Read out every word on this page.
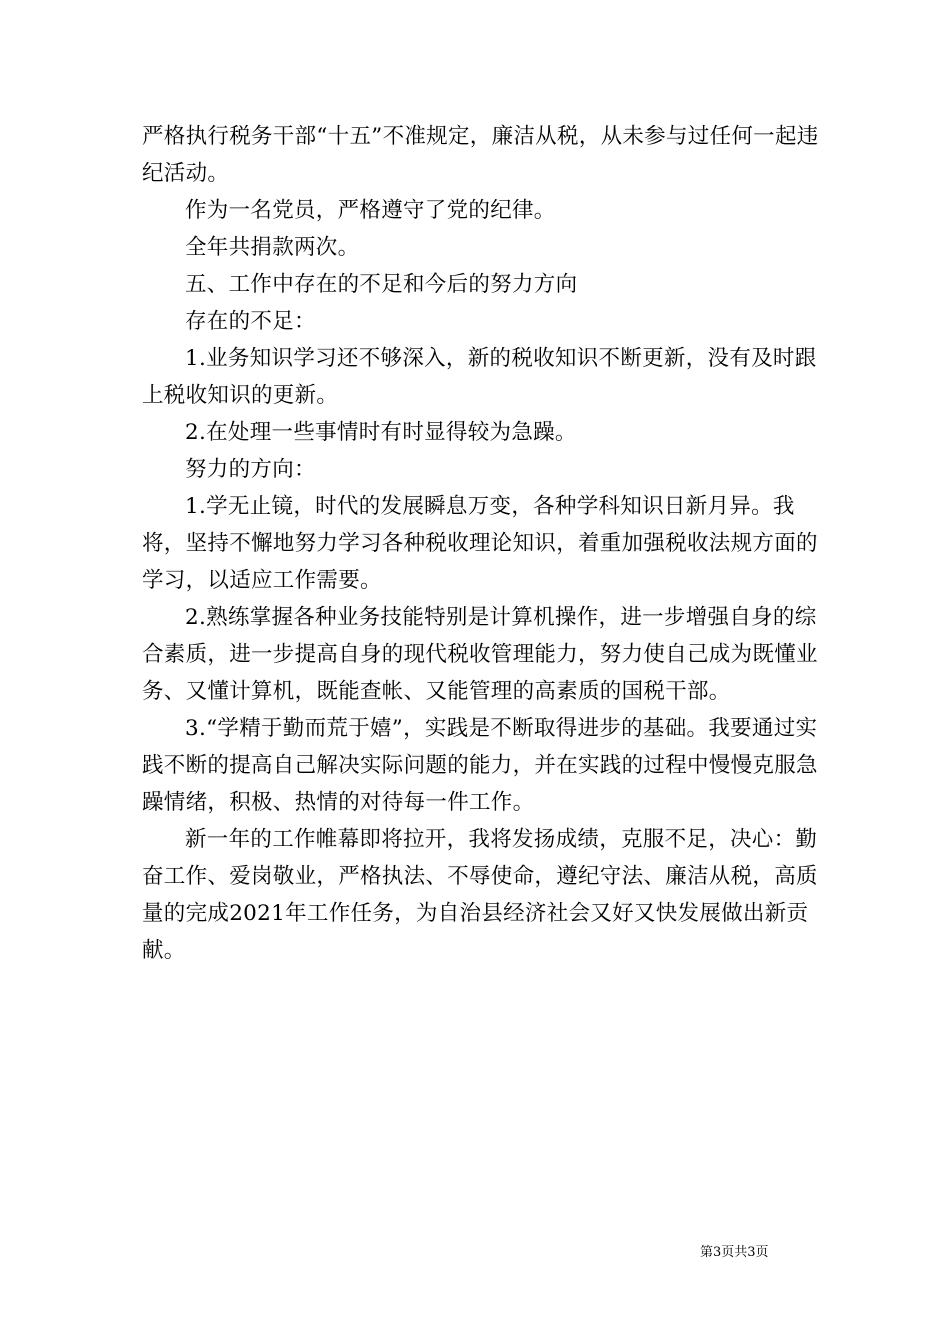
严格执行税务干部“十五”不准规定，廉洁从税，从未参与过任何一起违纪活动。

作为一名党员，严格遵守了党的纪律。

全年共捐款两次。

五、工作中存在的不足和今后的努力方向

存在的不足：

1.业务知识学习还不够深入，新的税收知识不断更新，没有及时跟上税收知识的更新。

2.在处理一些事情时有时显得较为急躁。

努力的方向：

1.学无止镜，时代的发展瞬息万变，各种学科知识日新月异。我将，坚持不懈地努力学习各种税收理论知识，着重加强税收法规方面的学习，以适应工作需要。

2.熟练掌握各种业务技能特别是计算机操作，进一步增强自身的综合素质，进一步提高自身的现代税收管理能力，努力使自己成为既懂业务、又懂计算机，既能查帐、又能管理的高素质的国税干部。

3.“学精于勤而荒于嬉”，实践是不断取得进步的基础。我要通过实践不断的提高自己解决实际问题的能力，并在实践的过程中慢慢克服急躁情绪，积极、热情的对待每一件工作。

新一年的工作帷幕即将拉开，我将发扬成绩，克服不足，决心：勤奋工作、爱岗敬业，严格执法、不辱使命，遵纪守法、廉洁从税，高质量的完成2021年工作任务，为自治县经济社会又好又快发展做出新贡献。

第3页共3页
